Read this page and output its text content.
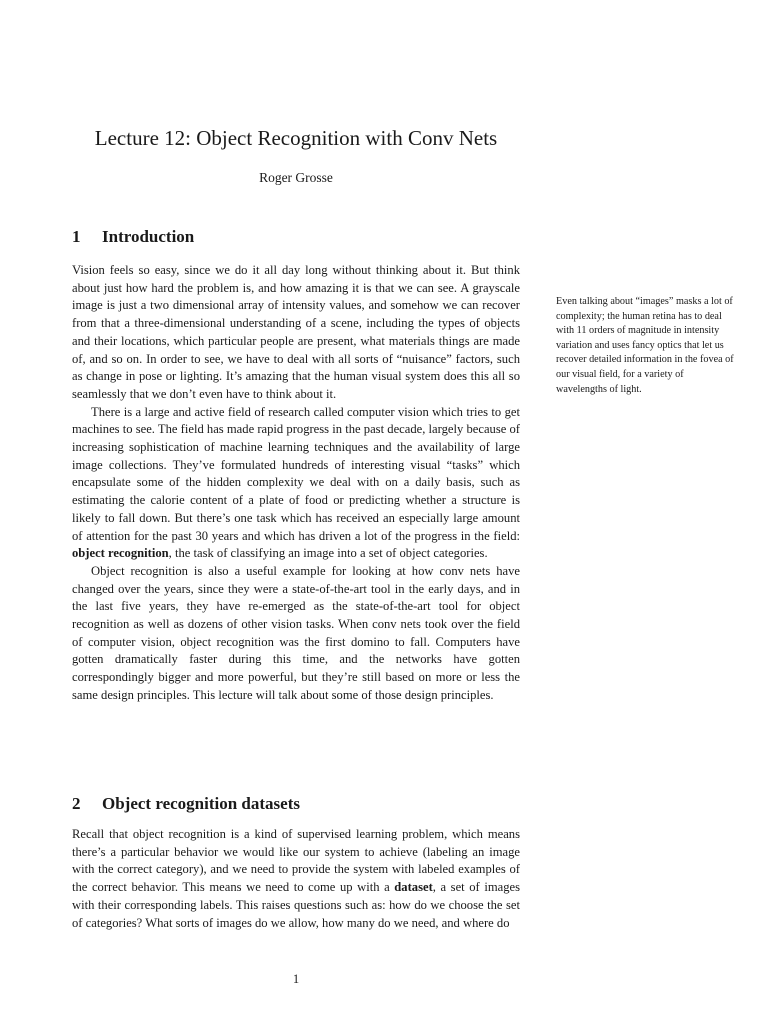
Lecture 12: Object Recognition with Conv Nets
Roger Grosse
1 Introduction

Vision feels so easy, since we do it all day long without thinking about it. But think about just how hard the problem is, and how amazing it is that we can see. A grayscale image is just a two dimensional array of intensity values, and somehow we can recover from that a three-dimensional understanding of a scene, including the types of objects and their locations, which particular people are present, what materials things are made of, and so on. In order to see, we have to deal with all sorts of “nuisance” factors, such as change in pose or lighting. It’s amazing that the human visual system does this all so seamlessly that we don’t even have to think about it.

There is a large and active field of research called computer vision which tries to get machines to see. The field has made rapid progress in the past decade, largely because of increasing sophistication of machine learning techniques and the availability of large image collections. They’ve formulated hundreds of interesting visual “tasks” which encapsulate some of the hidden complexity we deal with on a daily basis, such as estimating the calorie content of a plate of food or predicting whether a structure is likely to fall down. But there’s one task which has received an especially large amount of attention for the past 30 years and which has driven a lot of the progress in the field: object recognition, the task of classifying an image into a set of object categories.

Object recognition is also a useful example for looking at how conv nets have changed over the years, since they were a state-of-the-art tool in the early days, and in the last five years, they have re-emerged as the state-of-the-art tool for object recognition as well as dozens of other vision tasks. When conv nets took over the field of computer vision, object recognition was the first domino to fall. Computers have gotten dramatically faster during this time, and the networks have gotten correspondingly bigger and more powerful, but they’re still based on more or less the same design principles. This lecture will talk about some of those design principles.

2 Object recognition datasets

Recall that object recognition is a kind of supervised learning problem, which means there’s a particular behavior we would like our system to achieve (labeling an image with the correct category), and we need to provide the system with labeled examples of the correct behavior. This means we need to come up with a dataset, a set of images with their corresponding labels. This raises questions such as: how do we choose the set of categories? What sorts of images do we allow, how many do we need, and where do

Even talking about “images” masks a lot of complexity; the human retina has to deal with 11 orders of magnitude in intensity variation and uses fancy optics that let us recover detailed information in the fovea of our visual field, for a variety of wavelengths of light.
1
